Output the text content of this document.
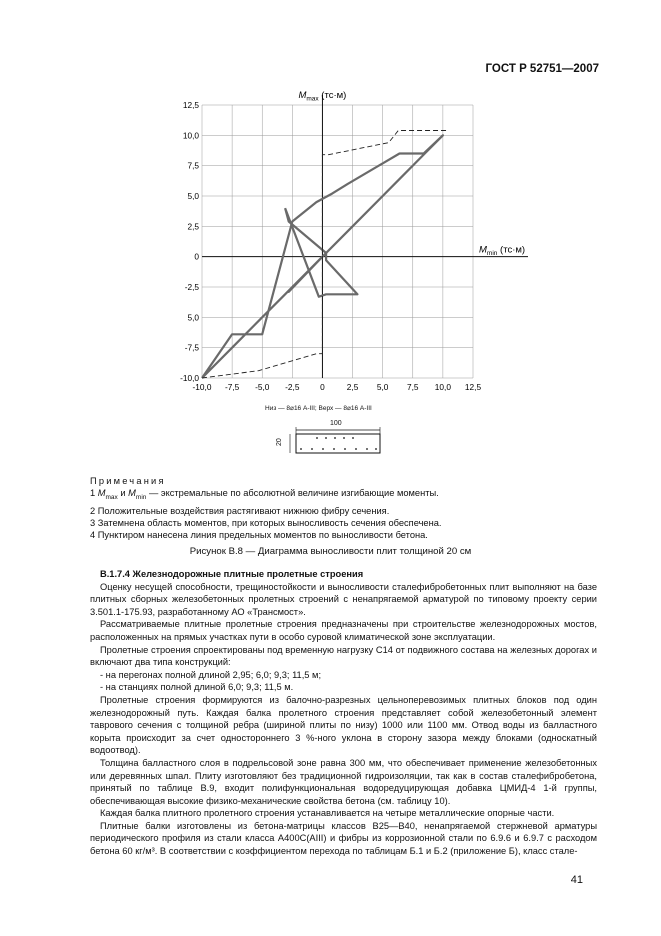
ГОСТ Р 52751—2007
-10,0 -7,5 -5,0 -2,5 0	2,5 5,0 7,5 10,0 12,5
12,5
10,0
7,5
5,0
2,5
0
-2,5
5,0
-7,5
-10,0
$M_{max}$ (тс·м)
$M_{min}$ (тс·м)
Низ — 8⌀16 А-III; Верх — 8⌀16 А-III
100
20
Примечания
1 $M_{max}$ и $M_{min}$ — экстремальные по абсолютной величине изгибающие моменты.
2 Положительные воздействия растягивают нижнюю фибру сечения.
3 Затемнена область моментов, при которых выносливость сечения обеспечена.
4 Пунктиром нанесена линия предельных моментов по выносливости бетона.
Рисунок В.8 — Диаграмма выносливости плит толщиной 20 см

В.1.7.4 Железнодорожные плитные пролетные строения

Оценку несущей способности, трещиностойкости и выносливости сталефибробетонных плит выполняют на базе плитных сборных железобетонных пролетных строений с ненапрягаемой арматурой по типовому проекту серии 3.501.1-175.93, разработанному АО «Трансмост».

Рассматриваемые плитные пролетные строения предназначены при строительстве железнодорожных мостов, расположенных на прямых участках пути в особо суровой климатической зоне эксплуатации.

Пролетные строения спроектированы под временную нагрузку С14 от подвижного состава на железных дорогах и включают два типа конструкций:

- на перегонах полной длиной 2,95; 6,0; 9,3; 11,5 м;

- на станциях полной длиной 6,0; 9,3; 11,5 м.

Пролетные строения формируются из балочно-разрезных цельноперевозимых плитных блоков под один железнодорожный путь. Каждая балка пролетного строения представляет собой железобетонный элемент таврового сечения с толщиной ребра (шириной плиты по низу) 1000 или 1100 мм. Отвод воды из балластного корыта происходит за счет одностороннего 3 %-ного уклона в сторону зазора между блоками (односкатный водоотвод).

Толщина балластного слоя в подрельсовой зоне равна 300 мм, что обеспечивает применение железобетонных или деревянных шпал. Плиту изготовляют без традиционной гидроизоляции, так как в состав сталефибробетона, принятый по таблице В.9, входит полифункциональная водоредуцирующая добавка ЦМИД-4 1-й группы, обеспечивающая высокие физико-механические свойства бетона (см. таблицу 10).

Каждая балка плитного пролетного строения устанавливается на четыре металлические опорные части.

Плитные балки изготовлены из бетона-матрицы классов В25—В40, ненапрягаемой стержневой арматуры периодического профиля из стали класса А400С(АIII) и фибры из коррозионной стали по 6.9.6 и 6.9.7 с расходом бетона 60 кг/м³. В соответствии с коэффициентом перехода по таблицам Б.1 и Б.2 (приложение Б), класс стале-

41
